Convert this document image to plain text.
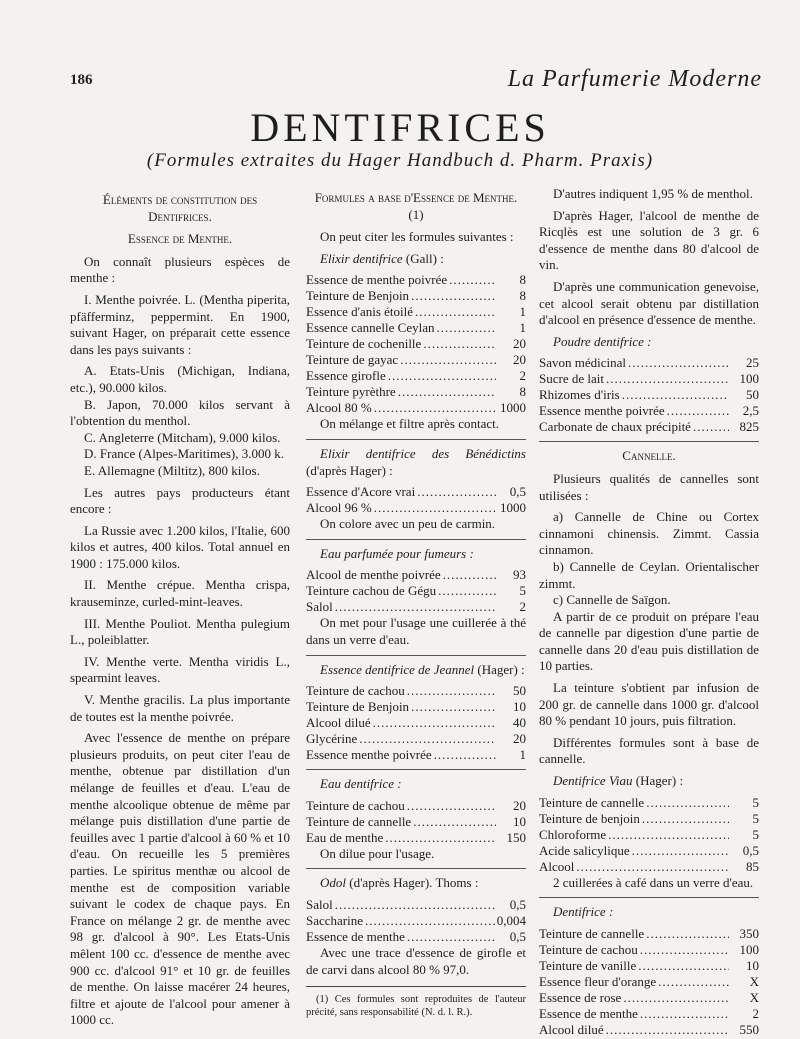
186	La Parfumerie Moderne
DENTIFRICES
(Formules extraites du Hager Handbuch d. Pharm. Praxis)
Éléments de constitution des Dentifrices.
Essence de Menthe.

On connaît plusieurs espèces de menthe :

I. Menthe poivrée. L. (Mentha piperita, pfäfferminz, peppermint. En 1900, suivant Hager, on préparait cette essence dans les pays suivants :

A. Etats-Unis (Michigan, Indiana, etc.), 90.000 kilos.

B. Japon, 70.000 kilos servant à l'obtention du menthol.

C. Angleterre (Mitcham), 9.000 kilos.

D. France (Alpes-Maritimes), 3.000 k.

E. Allemagne (Miltitz), 800 kilos.

Les autres pays producteurs étant encore :

La Russie avec 1.200 kilos, l'Italie, 600 kilos et autres, 400 kilos. Total annuel en 1900 : 175.000 kilos.

II. Menthe crépue. Mentha crispa, krauseminze, curled-mint-leaves.

III. Menthe Pouliot. Mentha pulegium L., poleiblatter.

IV. Menthe verte. Mentha viridis L., spearmint leaves.

V. Menthe gracilis. La plus importante de toutes est la menthe poivrée.

Avec l'essence de menthe on prépare plusieurs produits, on peut citer l'eau de menthe, obtenue par distillation d'un mélange de feuilles et d'eau. L'eau de menthe alcoolique obtenue de même par mélange puis distillation d'une partie de feuilles avec 1 partie d'alcool à 60 % et 10 d'eau. On recueille les 5 premières parties. Le spiritus menthæ ou alcool de menthe est de composition variable suivant le codex de chaque pays. En France on mélange 2 gr. de menthe avec 98 gr. d'alcool à 90°. Les Etats-Unis mêlent 100 cc. d'essence de menthe avec 900 cc. d'alcool 91° et 10 gr. de feuilles de menthe. On laisse macérer 24 heures, filtre et ajoute de l'alcool pour amener à 1000 cc.

Formules a base d'Essence de Menthe. (1)

On peut citer les formules suivantes :

Elixir dentifrice (Gall) :

Essence de menthe poivrée .....	8
Teinture de Benjoin .....	8
Essence d'anis étoilé .....	1
Essence cannelle Ceylan .....	1
Teinture de cochenille .....	20
Teinture de gayac .....	20
Essence girofle .....	2
Teinture pyrèthre .....	8
Alcool 80 % .....	1000

On mélange et filtre après contact.

Elixir dentifrice des Bénédictins (d'après Hager) :

Essence d'Acore vrai .....	0,5
Alcool 96 % .....	1000

On colore avec un peu de carmin.

Eau parfumée pour fumeurs :

Alcool de menthe poivrée .....	93
Teinture cachou de Gégu .....	5
Salol .....	2

On met pour l'usage une cuillerée à thé dans un verre d'eau.

Essence dentifrice de Jeannel (Hager) :

Teinture de cachou .....	50
Teinture de Benjoin .....	10
Alcool dilué .....	40
Glycérine .....	20
Essence menthe poivrée .....	1

Eau dentifrice :

Teinture de cachou .....	20
Teinture de cannelle .....	10
Eau de menthe .....	150

On dilue pour l'usage.

Odol (d'après Hager). Thoms :

Salol .....	0,5
Saccharine .....	0,004
Essence de menthe .....	0,5

Avec une trace d'essence de girofle et de carvi dans alcool 80 % 97,0.

(1) Ces formules sont reproduites de l'auteur précité, sans responsabilité (N. d. l. R.).

D'autres indiquent 1,95 % de menthol.

D'après Hager, l'alcool de menthe de Ricqlès est une solution de 3 gr. 6 d'essence de menthe dans 80 d'alcool de vin.

D'après une communication genevoise, cet alcool serait obtenu par distillation d'alcool en présence d'essence de menthe.

Poudre dentifrice :

Savon médicinal .....	25
Sucre de lait .....	100
Rhizomes d'iris .....	50
Essence menthe poivrée .....	2,5
Carbonate de chaux précipité .....	825
Cannelle.

Plusieurs qualités de cannelles sont utilisées :

a) Cannelle de Chine ou Cortex cinnamoni chinensis. Zimmt. Cassia cinnamon.

b) Cannelle de Ceylan. Orientalischer zimmt.

c) Cannelle de Saïgon.

A partir de ce produit on prépare l'eau de cannelle par digestion d'une partie de cannelle dans 20 d'eau puis distillation de 10 parties.

La teinture s'obtient par infusion de 200 gr. de cannelle dans 1000 gr. d'alcool 80 % pendant 10 jours, puis filtration.

Différentes formules sont à base de cannelle.

Dentifrice Viau (Hager) :

Teinture de cannelle .....	5
Teinture de benjoin .....	5
Chloroforme .....	5
Acide salicylique .....	0,5
Alcool .....	85

2 cuillerées à café dans un verre d'eau.

Dentifrice :

Teinture de cannelle .....	350
Teinture de cachou .....	100
Teinture de vanille .....	10
Essence fleur d'orange .....	X
Essence de rose .....	X
Essence de menthe .....	2
Alcool dilué .....	550
